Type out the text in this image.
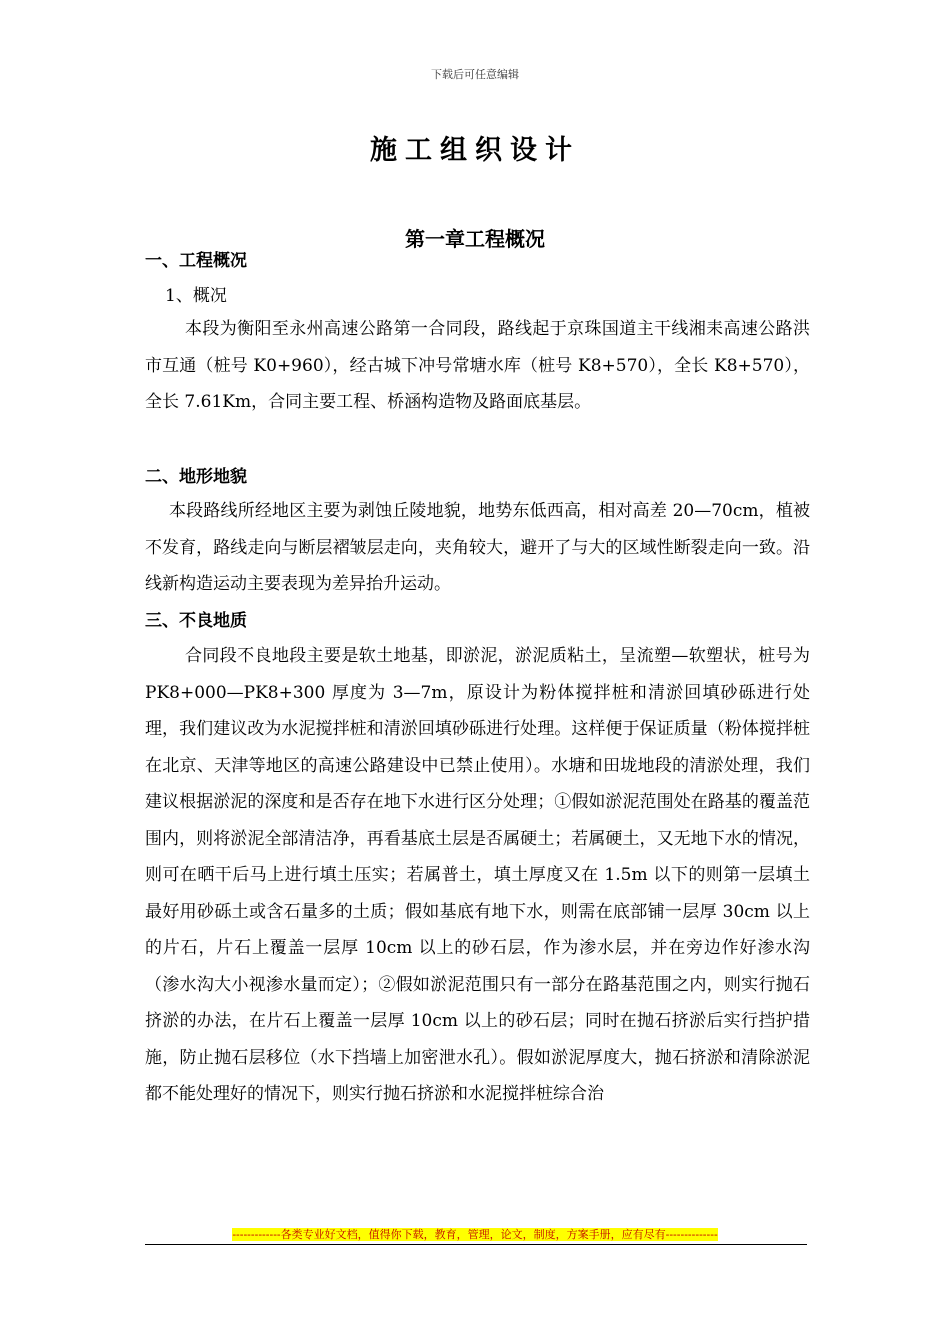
下载后可任意编辑
施工组织设计
第一章工程概况
一、工程概况
1、概况

本段为衡阳至永州高速公路第一合同段，路线起于京珠国道主干线湘耒高速公路洪市互通（桩号 K0+960），经古城下冲号常塘水库（桩号 K8+570），全长 K8+570），全长 7.61Km，合同主要工程、桥涵构造物及路面底基层。

二、地形地貌

本段路线所经地区主要为剥蚀丘陵地貌，地势东低西高，相对高差 20—70cm，植被不发育，路线走向与断层褶皱层走向，夹角较大，避开了与大的区域性断裂走向一致。沿线新构造运动主要表现为差异抬升运动。

三、不良地质

合同段不良地段主要是软土地基，即淤泥，淤泥质粘土，呈流塑—软塑状，桩号为 PK8+000—PK8+300 厚度为 3—7m，原设计为粉体搅拌桩和清淤回填砂砾进行处理，我们建议改为水泥搅拌桩和清淤回填砂砾进行处理。这样便于保证质量（粉体搅拌桩在北京、天津等地区的高速公路建设中已禁止使用）。水塘和田垅地段的清淤处理，我们建议根据淤泥的深度和是否存在地下水进行区分处理；①假如淤泥范围处在路基的覆盖范围内，则将淤泥全部清洁净，再看基底土层是否属硬土；若属硬土，又无地下水的情况，则可在晒干后马上进行填土压实；若属普土，填土厚度又在 1.5m 以下的则第一层填土最好用砂砾土或含石量多的土质；假如基底有地下水，则需在底部铺一层厚 30cm 以上的片石，片石上覆盖一层厚 10cm 以上的砂石层，作为渗水层，并在旁边作好渗水沟（渗水沟大小视渗水量而定）；②假如淤泥范围只有一部分在路基范围之内，则实行抛石挤淤的办法，在片石上覆盖一层厚 10cm 以上的砂石层；同时在抛石挤淤后实行挡护措施，防止抛石层移位（水下挡墙上加密泄水孔）。假如淤泥厚度大，抛石挤淤和清除淤泥都不能处理好的情况下，则实行抛石挤淤和水泥搅拌桩综合治

-------------各类专业好文档，值得你下载，教育，管理，论文，制度，方案手册，应有尽有--------------
